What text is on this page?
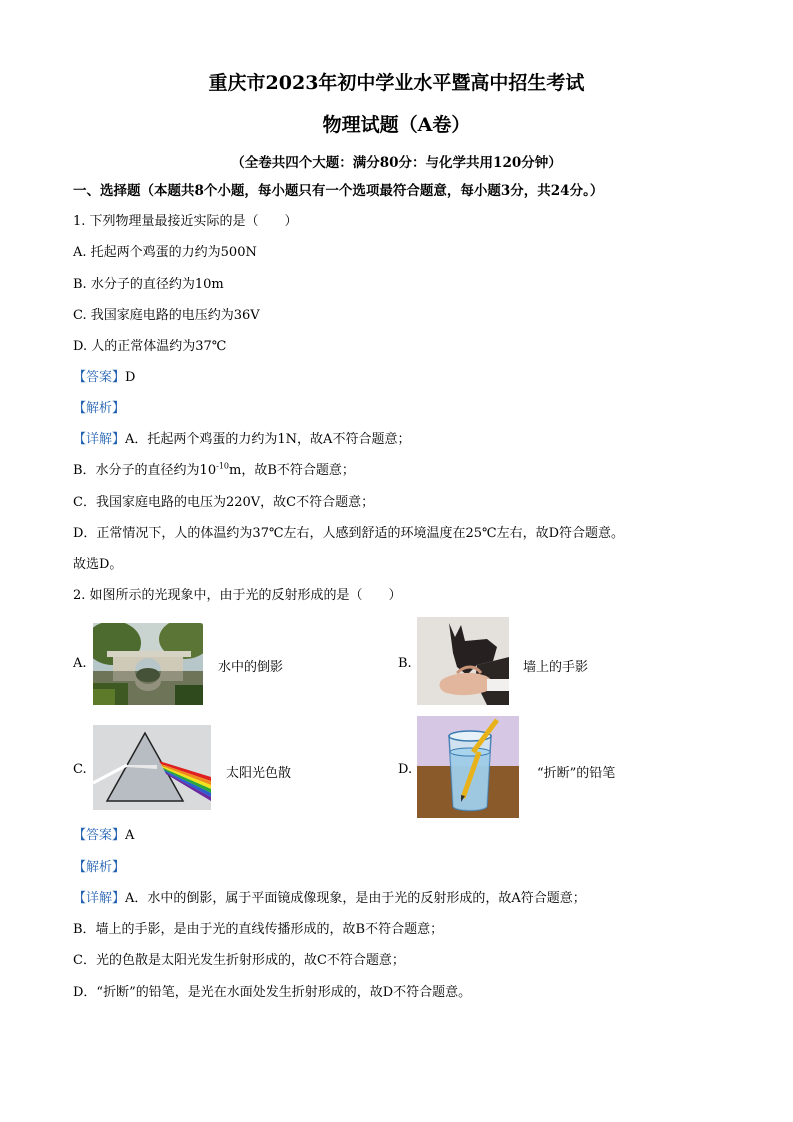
重庆市2023年初中学业水平暨高中招生考试
物理试题（A卷）
（全卷共四个大题：满分80分：与化学共用120分钟）
一、选择题（本题共8个小题，每小题只有一个选项最符合题意，每小题3分，共24分。）
1. 下列物理量最接近实际的是（　　）
A. 托起两个鸡蛋的力约为500N
B. 水分子的直径约为10m
C. 我国家庭电路的电压约为36V
D. 人的正常体温约为37℃
【答案】D
【解析】
【详解】A．托起两个鸡蛋的力约为1N，故A不符合题意；
B．水分子的直径约为$10^{-10}m$，故B不符合题意；
C．我国家庭电路的电压为220V，故C不符合题意；
D．正常情况下，人的体温约为37℃左右，人感到舒适的环境温度在25℃左右，故D符合题意。
故选D。
2. 如图所示的光现象中，由于光的反射形成的是（　　）
A.	水中的倒影	B.	墙上的手影
C.	太阳光色散	D.	“折断”的铅笔
【答案】A
【解析】
【详解】A．水中的倒影，属于平面镜成像现象，是由于光的反射形成的，故A符合题意；
B．墙上的手影，是由于光的直线传播形成的，故B不符合题意；
C．光的色散是太阳光发生折射形成的，故C不符合题意；
D．“折断”的铅笔，是光在水面处发生折射形成的，故D不符合题意。
